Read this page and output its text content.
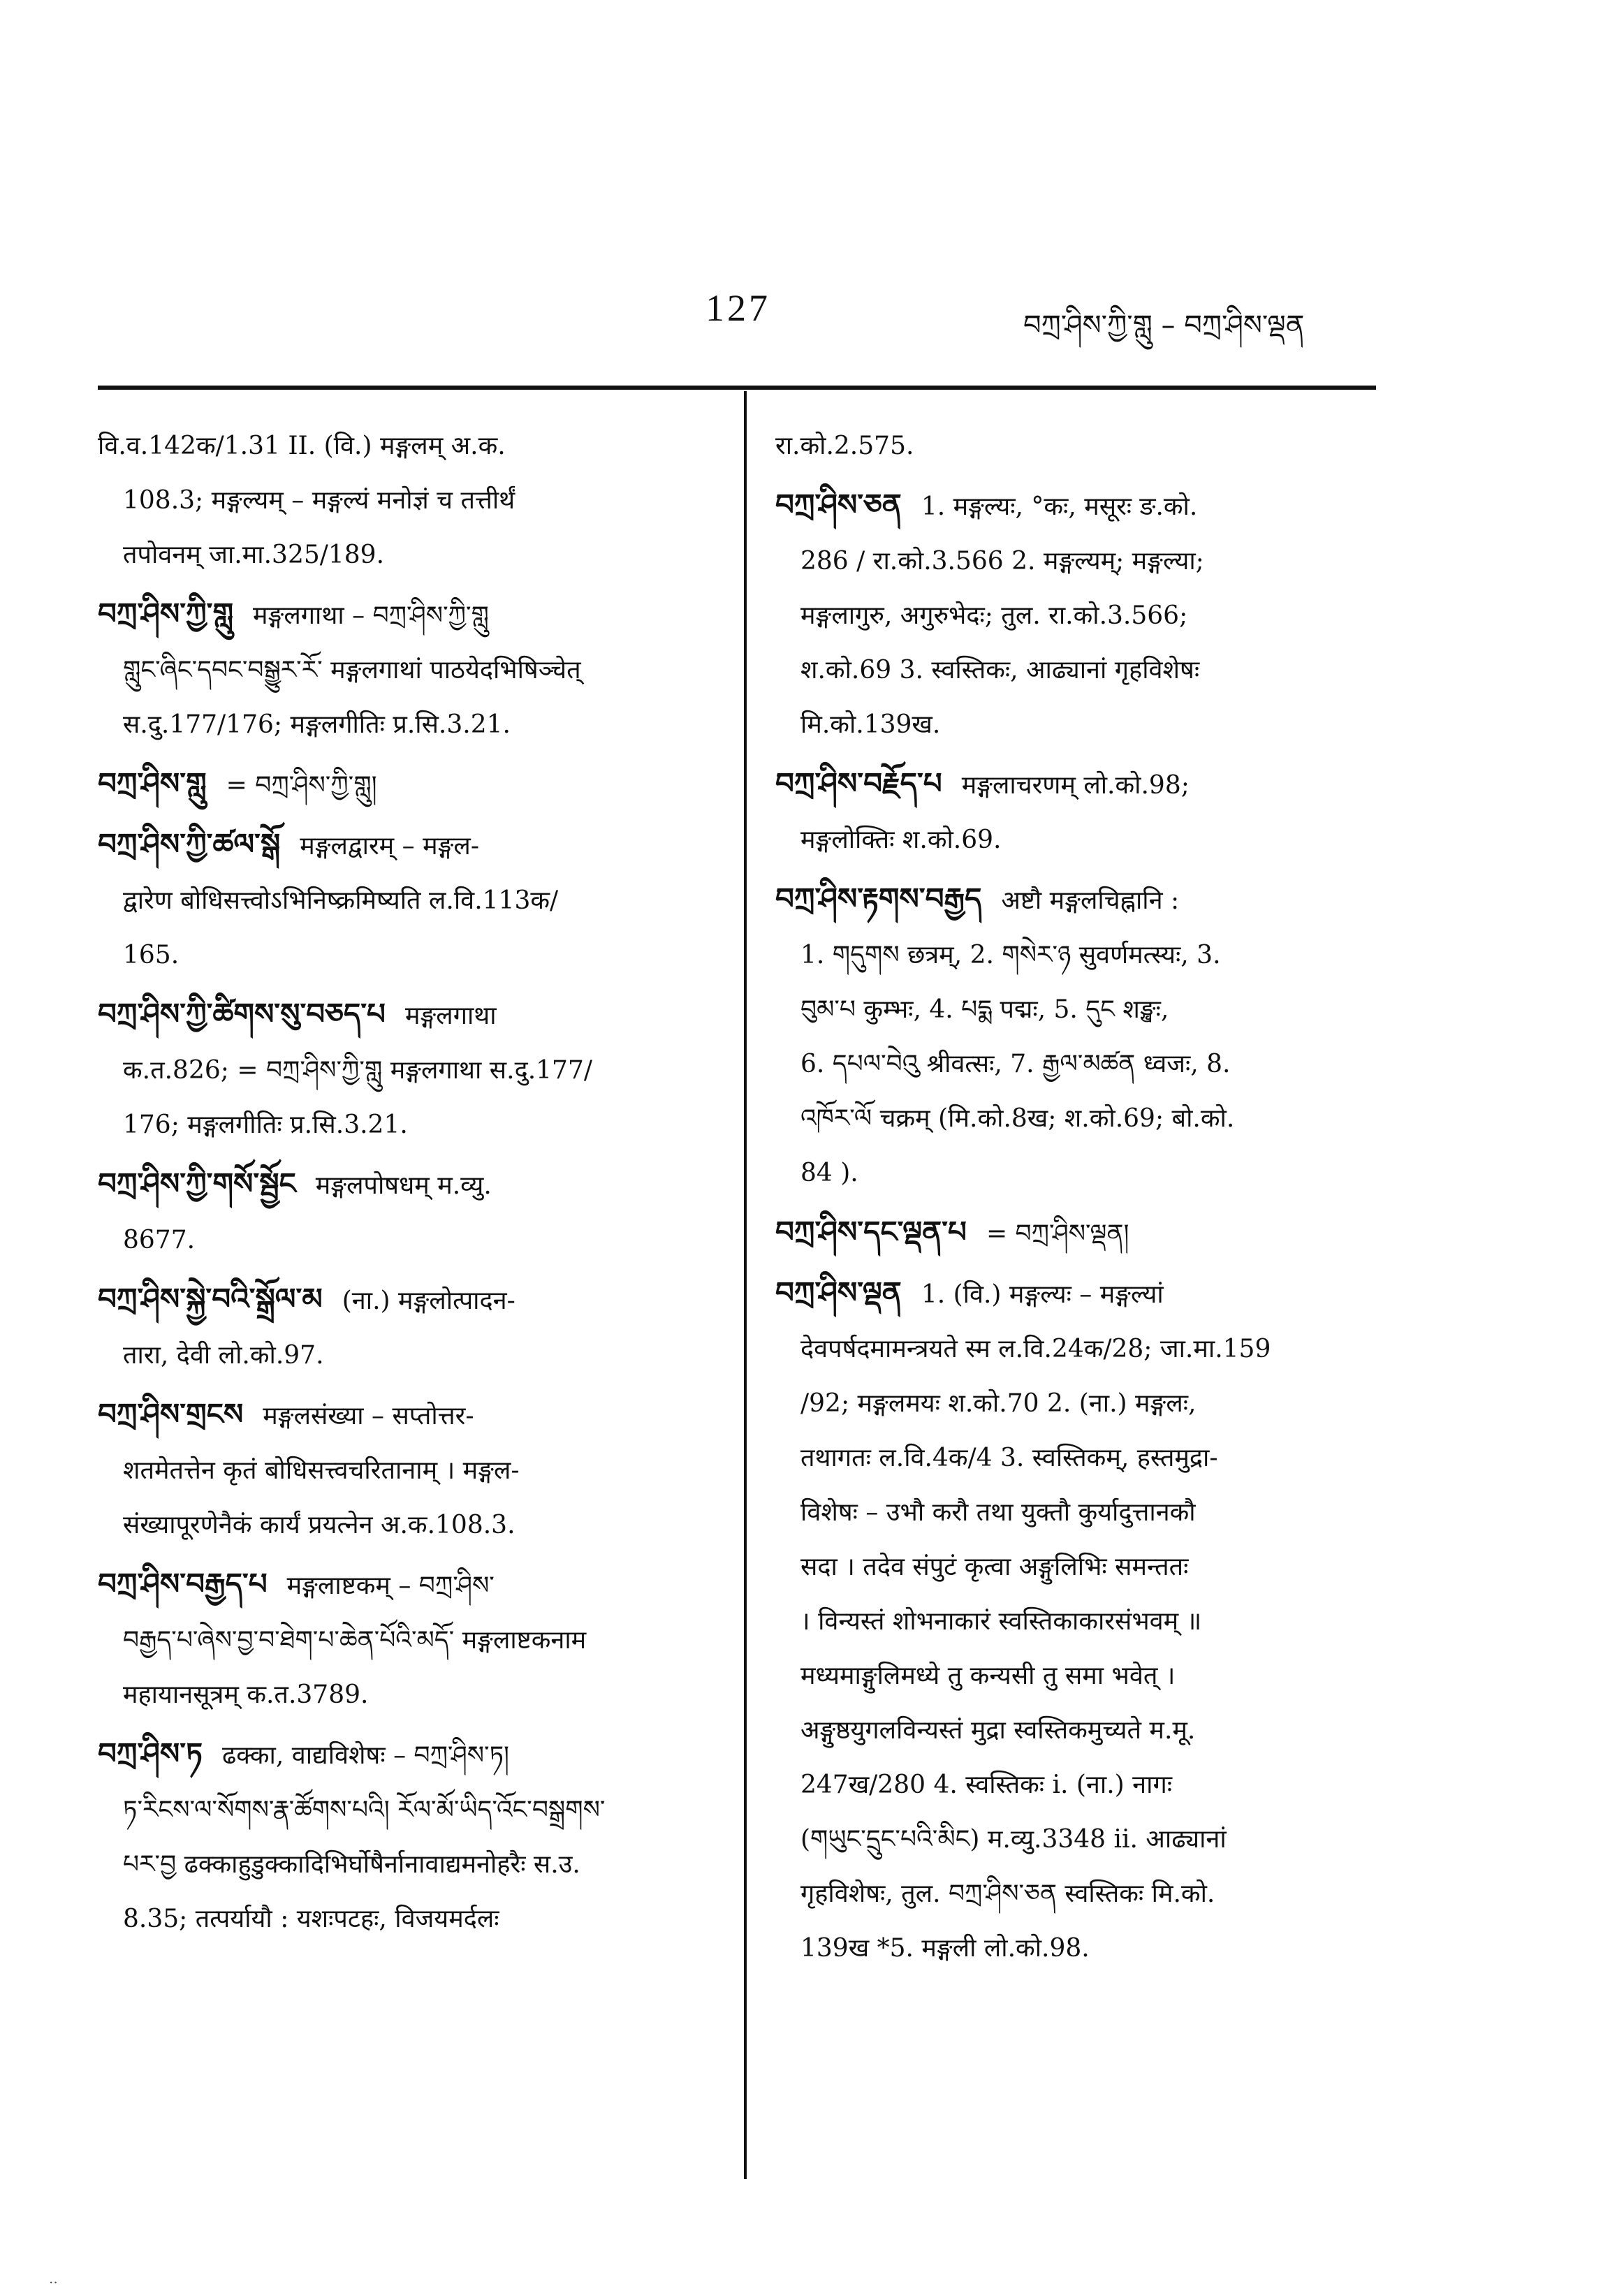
127	བཀྲ་ཤིས་ཀྱི་གླུ – བཀྲ་ཤིས་ལྡན

वि.व.142क/1.31 II. (वि.) मङ्गलम् अ.क.

108.3; मङ्गल्यम् – मङ्गल्यं मनोज्ञं च तत्तीर्थं

तपोवनम् जा.मा.325/189.

བཀྲ་ཤིས་ཀྱི་གླུ मङ्गलगाथा – བཀྲ་ཤིས་ཀྱི་གླུ

གླུང་ཞིང་དབང་བསྒྱུར་རོ་ मङ्गलगाथां पाठयेदभिषिञ्चेत्

स.दु.177/176; मङ्गलगीतिः प्र.सि.3.21.

བཀྲ་ཤིས་གླུ = བཀྲ་ཤིས་ཀྱི་གླུ།

བཀྲ་ཤིས་ཀྱི་ཚལ་སྒོ मङ्गलद्वारम् – मङ्गल-

द्वारेण बोधिसत्त्वोऽभिनिष्क्रमिष्यति ल.वि.113क/

165.

བཀྲ་ཤིས་ཀྱི་ཚིགས་སུ་བཅད་པ मङ्गलगाथा

क.त.826; = བཀྲ་ཤིས་ཀྱི་གླུ मङ्गलगाथा स.दु.177/

176; मङ्गलगीतिः प्र.सि.3.21.

བཀྲ་ཤིས་ཀྱི་གསོ་སྦྱོང मङ्गलपोषधम् म.व्यु.

8677.

བཀྲ་ཤིས་སྐྱེ་བའི་སྒྲོལ་མ (ना.) मङ्गलोत्पादन-

तारा, देवी लो.को.97.

བཀྲ་ཤིས་གྲངས मङ्गलसंख्या – सप्तोत्तर-

शतमेतत्तेन कृतं बोधिसत्त्वचरितानाम् । मङ्गल-

संख्यापूरणेनैकं कार्यं प्रयत्नेन अ.क.108.3.

བཀྲ་ཤིས་བརྒྱད་པ मङ्गलाष्टकम् – བཀྲ་ཤིས་

བརྒྱད་པ་ཞེས་བྱ་བ་ཐེག་པ་ཆེན་པོའི་མདོ་ मङ्गलाष्टकनाम

महायानसूत्रम् क.त.3789.

བཀྲ་ཤིས་ཏ ढक्का, वाद्यविशेषः – བཀྲ་ཤིས་ཏ།

ཏ་རིངས་ལ་སོགས་རྣ་ཚོགས་པའི། རོལ་མོ་ཡིད་འོང་བསྒྲགས་

པར་བྱ ढक्काहुडुक्कादिभिर्घोषैर्नानावाद्यमनोहरैः स.उ.

8.35; तत्पर्यायौ : यशःपटहः, विजयमर्दलः

रा.को.2.575.

བཀྲ་ཤིས་ཅན 1. मङ्गल्यः, °कः, मसूरः ङ.को.

286 / रा.को.3.566 2. मङ्गल्यम्; मङ्गल्या;

मङ्गलागुरु, अगुरुभेदः; तुल. रा.को.3.566;

श.को.69 3. स्वस्तिकः, आढ्यानां गृहविशेषः

मि.को.139ख.

བཀྲ་ཤིས་བརྗོད་པ मङ्गलाचरणम् लो.को.98;

मङ्गलोक्तिः श.को.69.

བཀྲ་ཤིས་རྟགས་བརྒྱད अष्टौ मङ्गलचिह्नानि :

1. གདུགས छत्रम्, 2. གསེར་ཉ सुवर्णमत्स्यः, 3.

བུམ་པ कुम्भः, 4. པདྨ पद्मः, 5. དུང शङ्खः,

6. དཔལ་བེའུ श्रीवत्सः, 7. རྒྱལ་མཚན ध्वजः, 8.

འཁོར་ལོ चक्रम् (मि.को.8ख; श.को.69; बो.को.

84 ).

བཀྲ་ཤིས་དང་ལྡན་པ = བཀྲ་ཤིས་ལྡན།

བཀྲ་ཤིས་ལྡན 1. (वि.) मङ्गल्यः – मङ्गल्यां

देवपर्षदमामन्त्रयते स्म ल.वि.24क/28; जा.मा.159

/92; मङ्गलमयः श.को.70 2. (ना.) मङ्गलः,

तथागतः ल.वि.4क/4 3. स्वस्तिकम्, हस्तमुद्रा-

विशेषः – उभौ करौ तथा युक्तौ कुर्यादुत्तानकौ

सदा । तदेव संपुटं कृत्वा अङ्गुलिभिः समन्ततः

। विन्यस्तं शोभनाकारं स्वस्तिकाकारसंभवम् ॥

मध्यमाङ्गुलिमध्ये तु कन्यसी तु समा भवेत् ।

अङ्गुष्ठयुगलविन्यस्तं मुद्रा स्वस्तिकमुच्यते म.मू.

247ख/280 4. स्वस्तिकः i. (ना.) नागः

(གཡུང་དྲུང་པའི་མིང) म.व्यु.3348 ii. आढ्यानां

गृहविशेषः, तुल. བཀྲ་ཤིས་ཅན स्वस्तिकः मि.को.

139ख *5. मङ्गली लो.को.98.

..
